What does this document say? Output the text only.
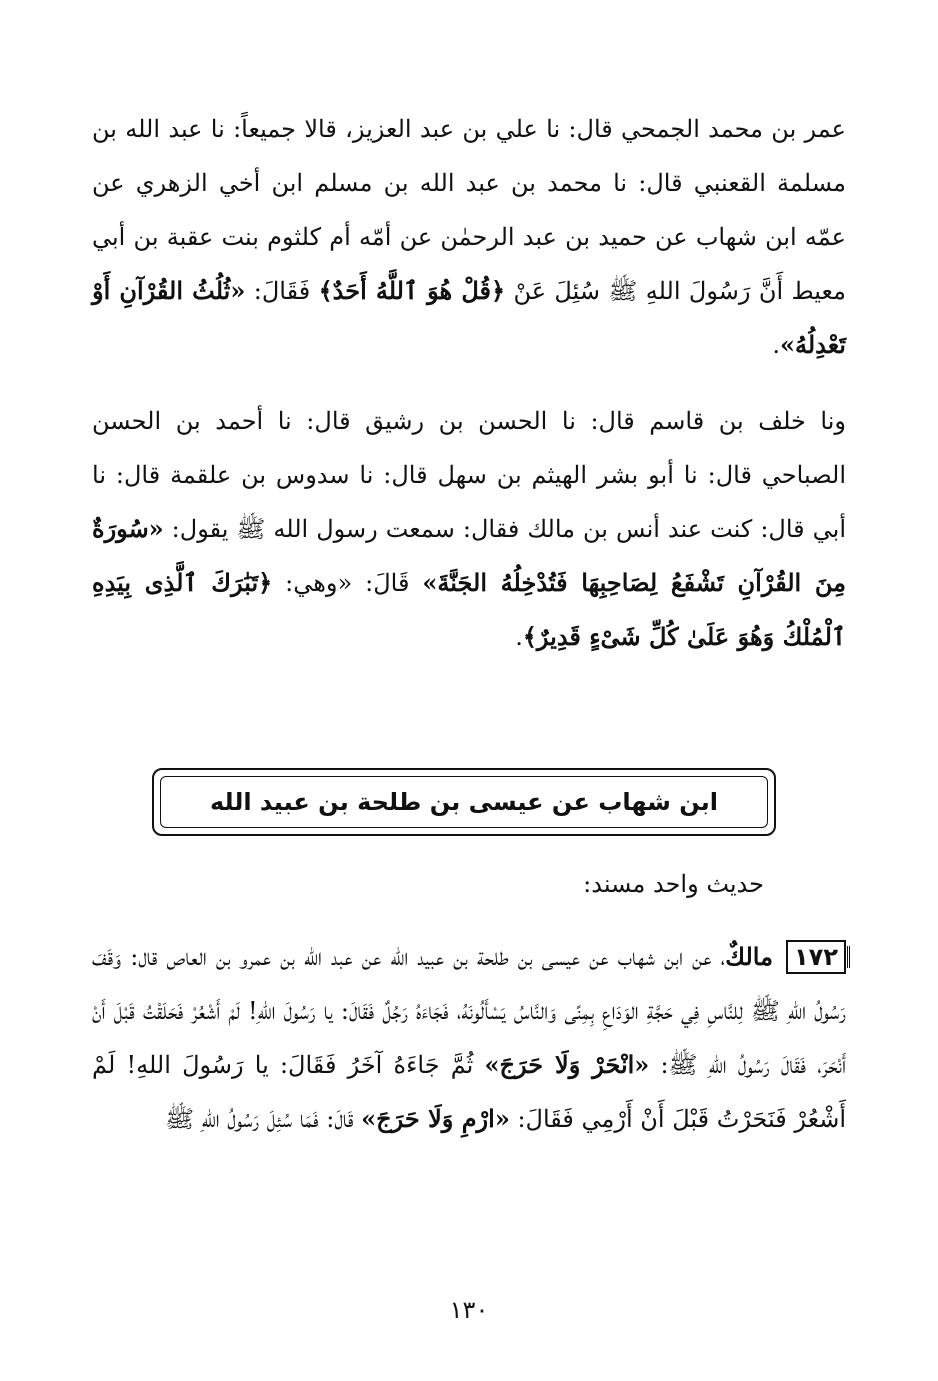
عمر بن محمد الجمحي قال: نا علي بن عبد العزيز، قالا جميعاً: نا عبد الله بن مسلمة القعنبي قال: نا محمد بن عبد الله بن مسلم ابن أخي الزهري عن عمّه ابن شهاب عن حميد بن عبد الرحمٰن عن أمّه أم كلثوم بنت عقبة بن أبي معيط أَنَّ رَسُولَ اللهِ ﷺ سُئِلَ عَنْ ﴿قُلْ هُوَ ٱللَّهُ أَحَدٌ﴾ فَقَالَ: «ثُلُثُ القُرْآنِ أَوْ تَعْدِلُهُ».

ونا خلف بن قاسم قال: نا الحسن بن رشيق قال: نا أحمد بن الحسن الصباحي قال: نا أبو بشر الهيثم بن سهل قال: نا سدوس بن علقمة قال: نا أبي قال: كنت عند أنس بن مالك فقال: سمعت رسول الله ﷺ يقول: «سُورَةٌ مِنَ القُرْآنِ تَشْفَعُ لِصَاحِبِهَا فَتُدْخِلُهُ الجَنَّةَ» قَالَ: «وهي: ﴿تَبَٰرَكَ ٱلَّذِى بِيَدِهِ ٱلْمُلْكُ وَهُوَ عَلَىٰ كُلِّ شَىْءٍ قَدِيرٌ﴾.

ابن شهاب عن عيسى بن طلحة بن عبيد الله
حديث واحد مسند:

١٧٢ مالكٌ، عن ابن شهاب عن عيسى بن طلحة بن عبيد الله عن عبد الله بن عمرو بن العاص قال: وَقَفَ رَسُولُ اللهِ ﷺ لِلنَّاسِ فِي حَجَّةِ الوَدَاعِ بِمِنًى وَالنَّاسُ يَسْأَلُونَهُ، فَجَاءَهُ رَجُلٌ فَقَالَ: يا رَسُولَ اللهِ! لَمْ أَشْعُرْ فَحَلَقْتُ قَبْلَ أَنْ أَنْحَرَ، فَقَالَ رَسُولُ اللهِ ﷺ: «انْحَرْ وَلَا حَرَجَ» ثُمَّ جَاءَهُ آخَرُ فَقَالَ: يا رَسُولَ اللهِ! لَمْ أَشْعُرْ فَنَحَرْتُ قَبْلَ أَنْ أَرْمِي فَقَالَ: «ارْمِ وَلَا حَرَجَ» قَالَ: فَمَا سُئِلَ رَسُولُ اللهِ ﷺ

١٣٠
